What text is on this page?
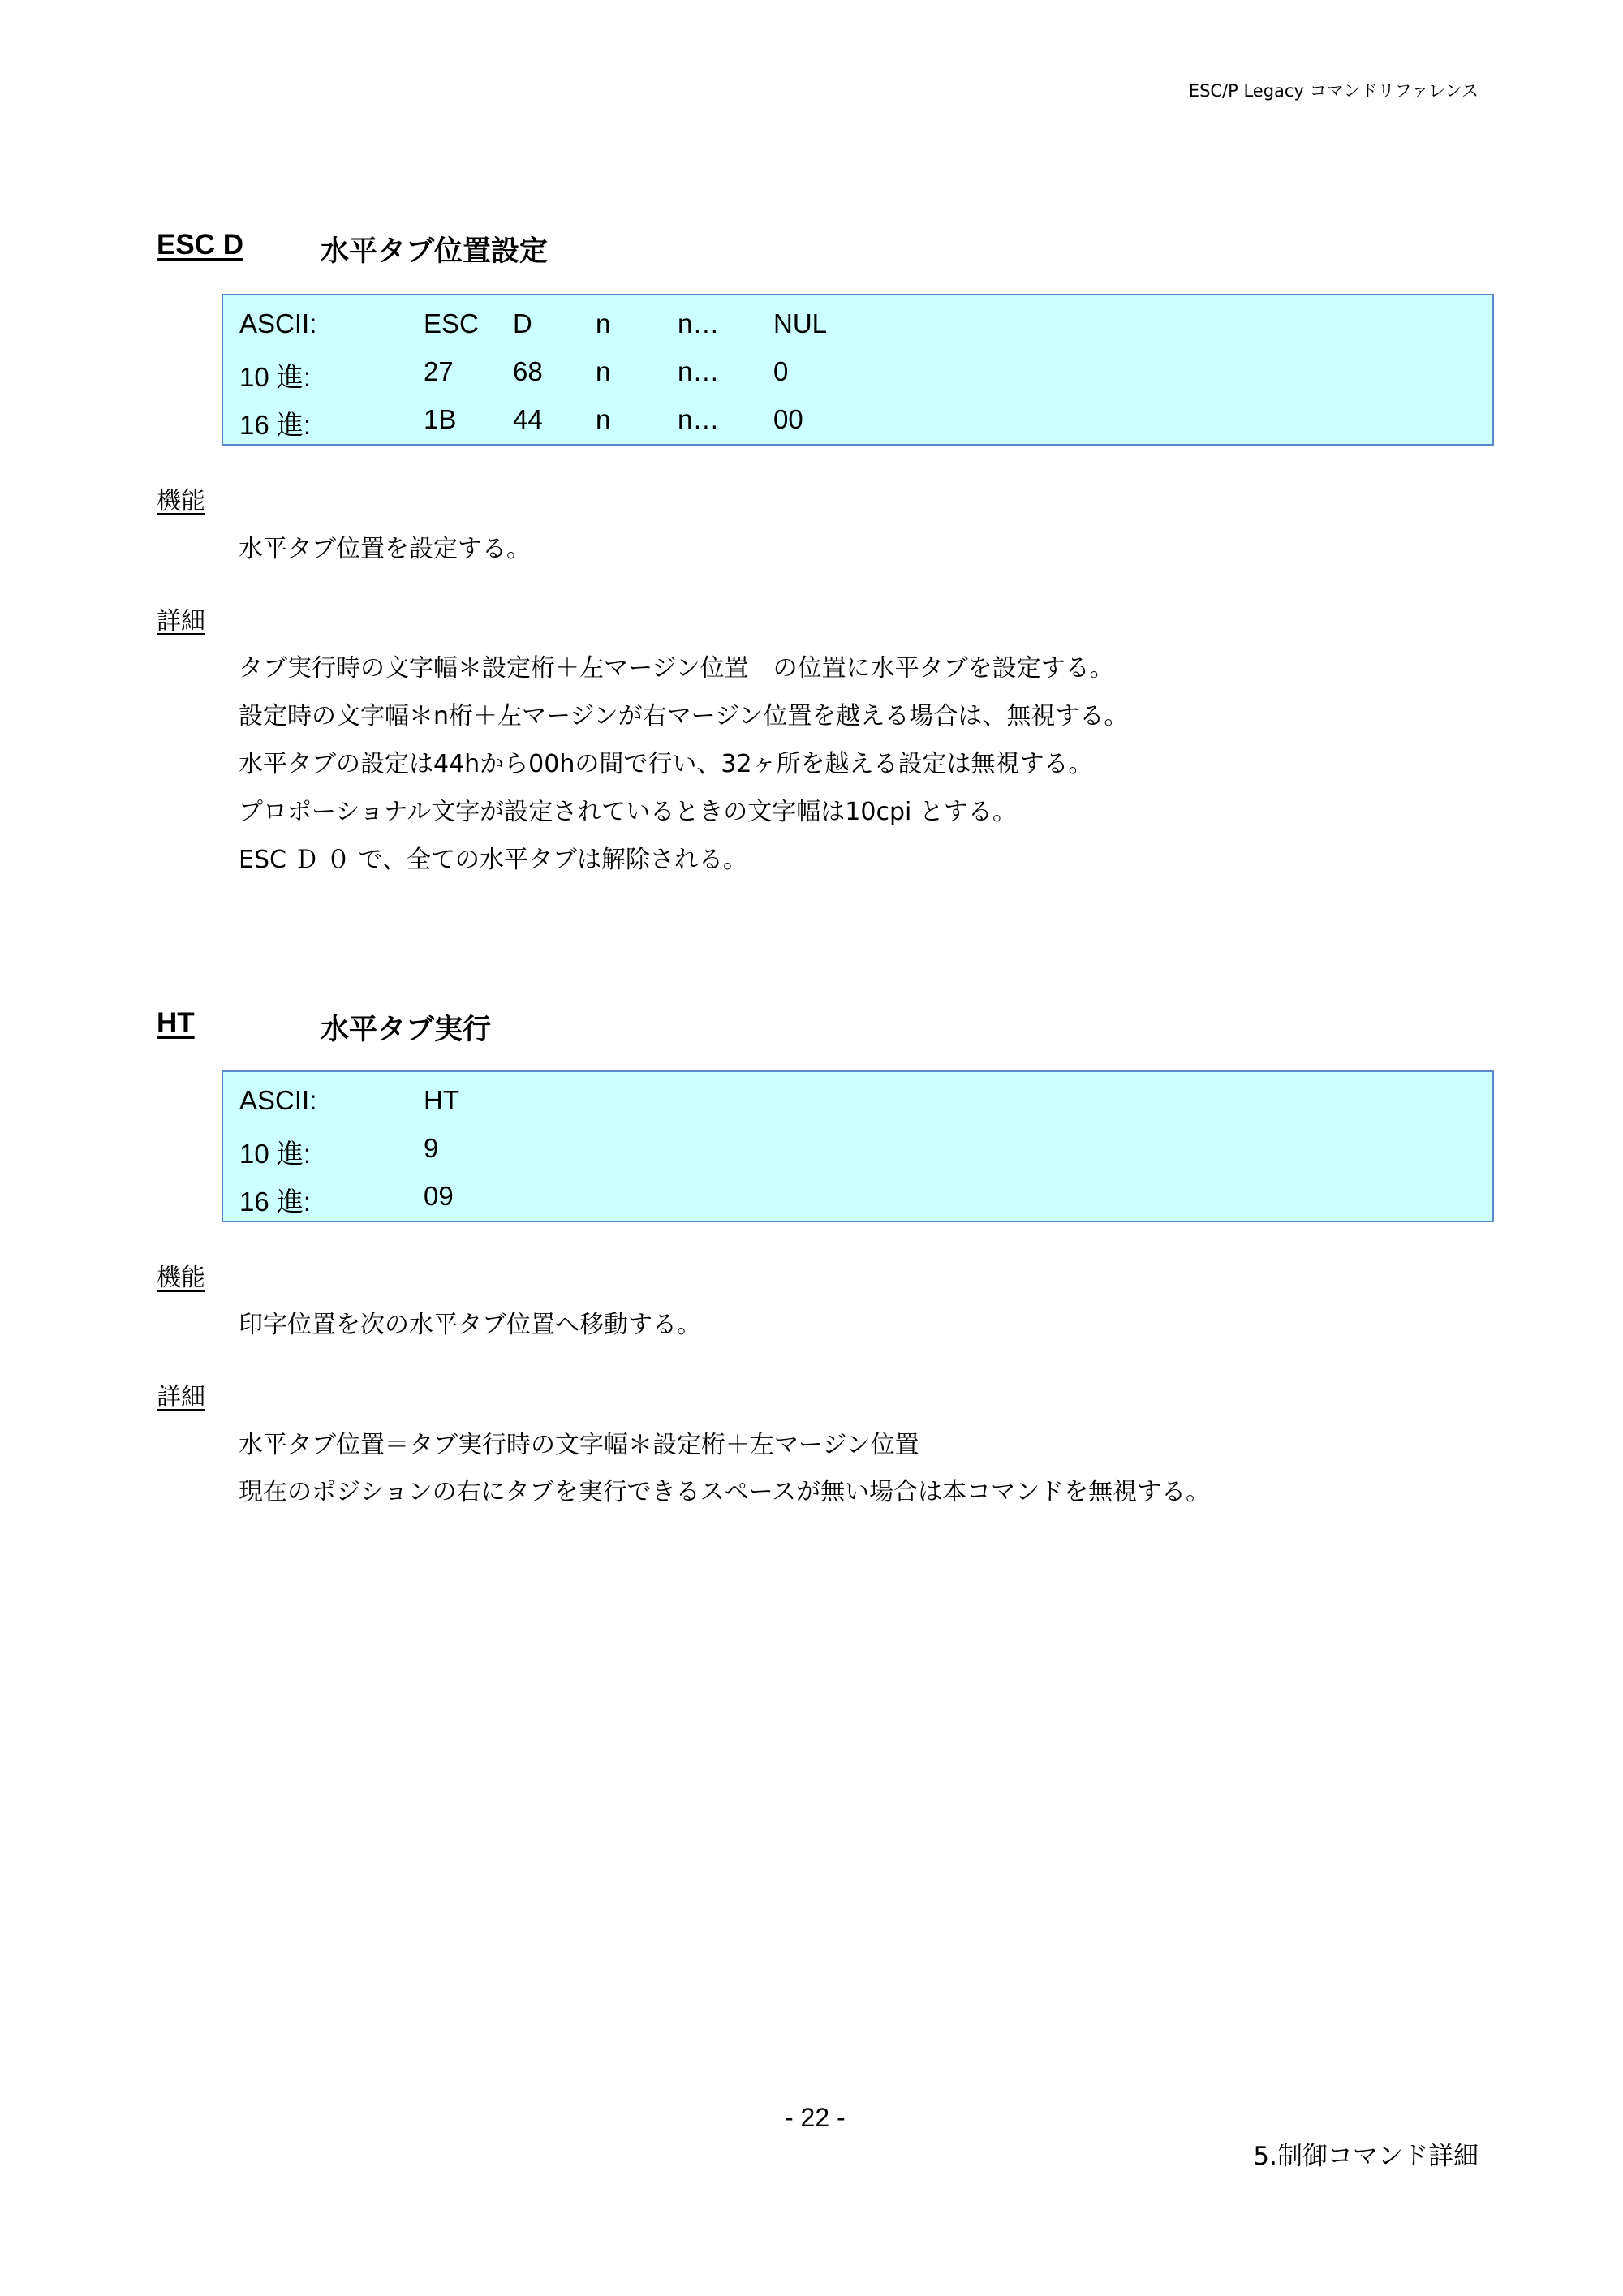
ESC/P Legacy コマンドリファレンス
ESC D	水平タブ位置設定
ASCII:	ESC D n	n… NUL
10 進:	27 68 n	n… 0
16 進:	1B 44 n	n… 00
機能
水平タブ位置を設定する。
詳細
タブ実行時の文字幅＊設定桁＋左マージン位置　の位置に水平タブを設定する。
設定時の文字幅＊n桁＋左マージンが右マージン位置を越える場合は、無視する。
水平タブの設定は44hから00hの間で行い、32ヶ所を越える設定は無視する。
プロポーショナル文字が設定されているときの文字幅は10cpi とする。
ESC Ｄ ０ で、全ての水平タブは解除される。
HT	水平タブ実行
ASCII:	HT
10 進:	9
16 進:	09
機能
印字位置を次の水平タブ位置へ移動する。
詳細
水平タブ位置＝タブ実行時の文字幅＊設定桁＋左マージン位置
現在のポジションの右にタブを実行できるスペースが無い場合は本コマンドを無視する。
- 22 -
5.制御コマンド詳細
